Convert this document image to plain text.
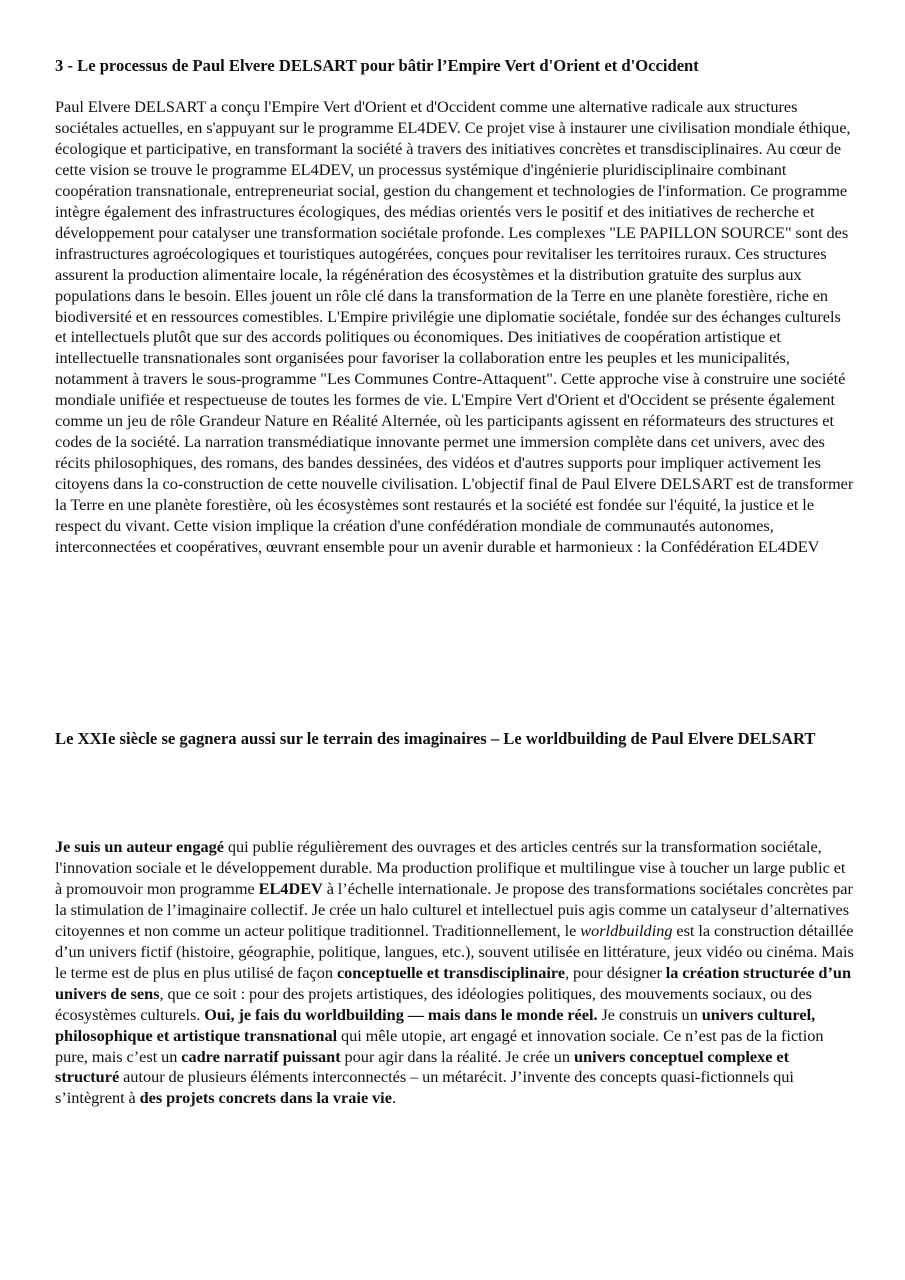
3 - Le processus de Paul Elvere DELSART pour bâtir l’Empire Vert d'Orient et d'Occident

Paul Elvere DELSART a conçu l'Empire Vert d'Orient et d'Occident comme une alternative radicale aux structures sociétales actuelles, en s'appuyant sur le programme EL4DEV. Ce projet vise à instaurer une civilisation mondiale éthique, écologique et participative, en transformant la société à travers des initiatives concrètes et transdisciplinaires. Au cœur de cette vision se trouve le programme EL4DEV, un processus systémique d'ingénierie pluridisciplinaire combinant coopération transnationale, entrepreneuriat social, gestion du changement et technologies de l'information. Ce programme intègre également des infrastructures écologiques, des médias orientés vers le positif et des initiatives de recherche et développement pour catalyser une transformation sociétale profonde. Les complexes "LE PAPILLON SOURCE" sont des infrastructures agroécologiques et touristiques autogérées, conçues pour revitaliser les territoires ruraux. Ces structures assurent la production alimentaire locale, la régénération des écosystèmes et la distribution gratuite des surplus aux populations dans le besoin. Elles jouent un rôle clé dans la transformation de la Terre en une planète forestière, riche en biodiversité et en ressources comestibles. L'Empire privilégie une diplomatie sociétale, fondée sur des échanges culturels et intellectuels plutôt que sur des accords politiques ou économiques. Des initiatives de coopération artistique et intellectuelle transnationales sont organisées pour favoriser la collaboration entre les peuples et les municipalités, notamment à travers le sous-programme "Les Communes Contre-Attaquent". Cette approche vise à construire une société mondiale unifiée et respectueuse de toutes les formes de vie. L'Empire Vert d'Orient et d'Occident se présente également comme un jeu de rôle Grandeur Nature en Réalité Alternée, où les participants agissent en réformateurs des structures et codes de la société. La narration transmédiatique innovante permet une immersion complète dans cet univers, avec des récits philosophiques, des romans, des bandes dessinées, des vidéos et d'autres supports pour impliquer activement les citoyens dans la co-construction de cette nouvelle civilisation. L'objectif final de Paul Elvere DELSART est de transformer la Terre en une planète forestière, où les écosystèmes sont restaurés et la société est fondée sur l'équité, la justice et le respect du vivant. Cette vision implique la création d'une confédération mondiale de communautés autonomes, interconnectées et coopératives, œuvrant ensemble pour un avenir durable et harmonieux : la Confédération EL4DEV

Le XXIe siècle se gagnera aussi sur le terrain des imaginaires – Le worldbuilding de Paul Elvere DELSART

Je suis un auteur engagé qui publie régulièrement des ouvrages et des articles centrés sur la transformation sociétale, l'innovation sociale et le développement durable. Ma production prolifique et multilingue vise à toucher un large public et à promouvoir mon programme EL4DEV à l’échelle internationale. Je propose des transformations sociétales concrètes par la stimulation de l’imaginaire collectif. Je crée un halo culturel et intellectuel puis agis comme un catalyseur d’alternatives citoyennes et non comme un acteur politique traditionnel. Traditionnellement, le worldbuilding est la construction détaillée d’un univers fictif (histoire, géographie, politique, langues, etc.), souvent utilisée en littérature, jeux vidéo ou cinéma. Mais le terme est de plus en plus utilisé de façon conceptuelle et transdisciplinaire, pour désigner la création structurée d’un univers de sens, que ce soit : pour des projets artistiques, des idéologies politiques, des mouvements sociaux, ou des écosystèmes culturels. Oui, je fais du worldbuilding — mais dans le monde réel. Je construis un univers culturel, philosophique et artistique transnational qui mêle utopie, art engagé et innovation sociale. Ce n’est pas de la fiction pure, mais c’est un cadre narratif puissant pour agir dans la réalité. Je crée un univers conceptuel complexe et structuré autour de plusieurs éléments interconnectés – un métarécit. J’invente des concepts quasi-fictionnels qui s’intègrent à des projets concrets dans la vraie vie.
